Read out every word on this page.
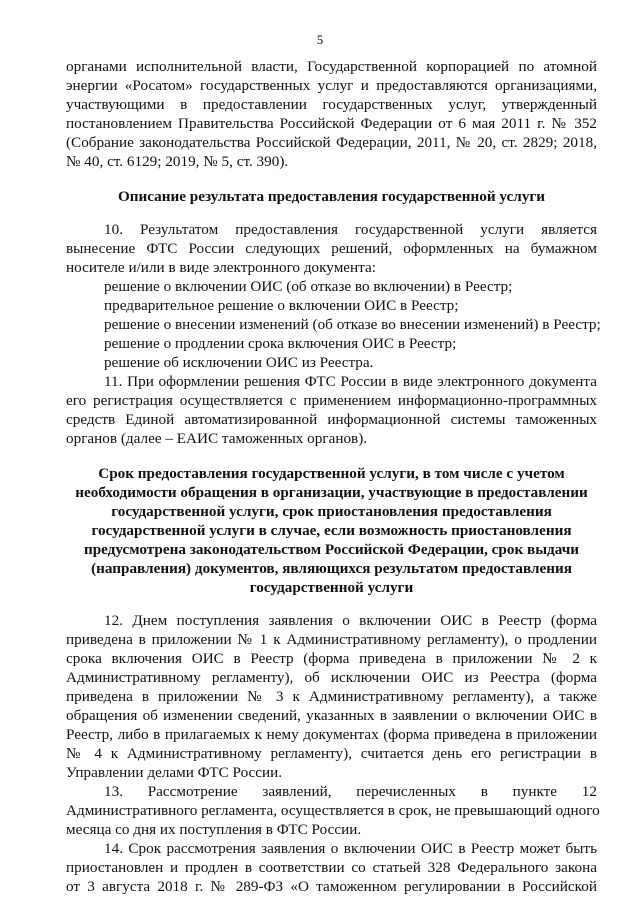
5
органами исполнительной власти, Государственной корпорацией по атомной
энергии «Росатом» государственных услуг и предоставляются организациями,
участвующими в предоставлении государственных услуг, утвержденный
постановлением Правительства Российской Федерации от 6 мая 2011 г. № 352
(Собрание законодательства Российской Федерации, 2011, № 20, ст. 2829; 2018,
№ 40, ст. 6129; 2019, № 5, ст. 390).
Описание результата предоставления государственной услуги
10. Результатом предоставления государственной услуги является
вынесение ФТС России следующих решений, оформленных на бумажном
носителе и/или в виде электронного документа:
решение о включении ОИС (об отказе во включении) в Реестр;
предварительное решение о включении ОИС в Реестр;
решение о внесении изменений (об отказе во внесении изменений) в Реестр;
решение о продлении срока включения ОИС в Реестр;
решение об исключении ОИС из Реестра.
11. При оформлении решения ФТС России в виде электронного документа
его регистрация осуществляется с применением информационно-программных
средств Единой автоматизированной информационной системы таможенных
органов (далее – ЕАИС таможенных органов).
Срок предоставления государственной услуги, в том числе с учетом
необходимости обращения в организации, участвующие в предоставлении
государственной услуги, срок приостановления предоставления
государственной услуги в случае, если возможность приостановления
предусмотрена законодательством Российской Федерации, срок выдачи
(направления) документов, являющихся результатом предоставления
государственной услуги
12. Днем поступления заявления о включении ОИС в Реестр (форма
приведена в приложении № 1 к Административному регламенту), о продлении
срока включения ОИС в Реестр (форма приведена в приложении № 2 к
Административному регламенту), об исключении ОИС из Реестра (форма
приведена в приложении № 3 к Административному регламенту), а также
обращения об изменении сведений, указанных в заявлении о включении ОИС в
Реестр, либо в прилагаемых к нему документах (форма приведена в приложении
№ 4 к Административному регламенту), считается день его регистрации в
Управлении делами ФТС России.
13. Рассмотрение заявлений, перечисленных в пункте 12
Административного регламента, осуществляется в срок, не превышающий одного
месяца со дня их поступления в ФТС России.
14. Срок рассмотрения заявления о включении ОИС в Реестр может быть
приостановлен и продлен в соответствии со статьей 328 Федерального закона
от 3 августа 2018 г. № 289-ФЗ «О таможенном регулировании в Российской
